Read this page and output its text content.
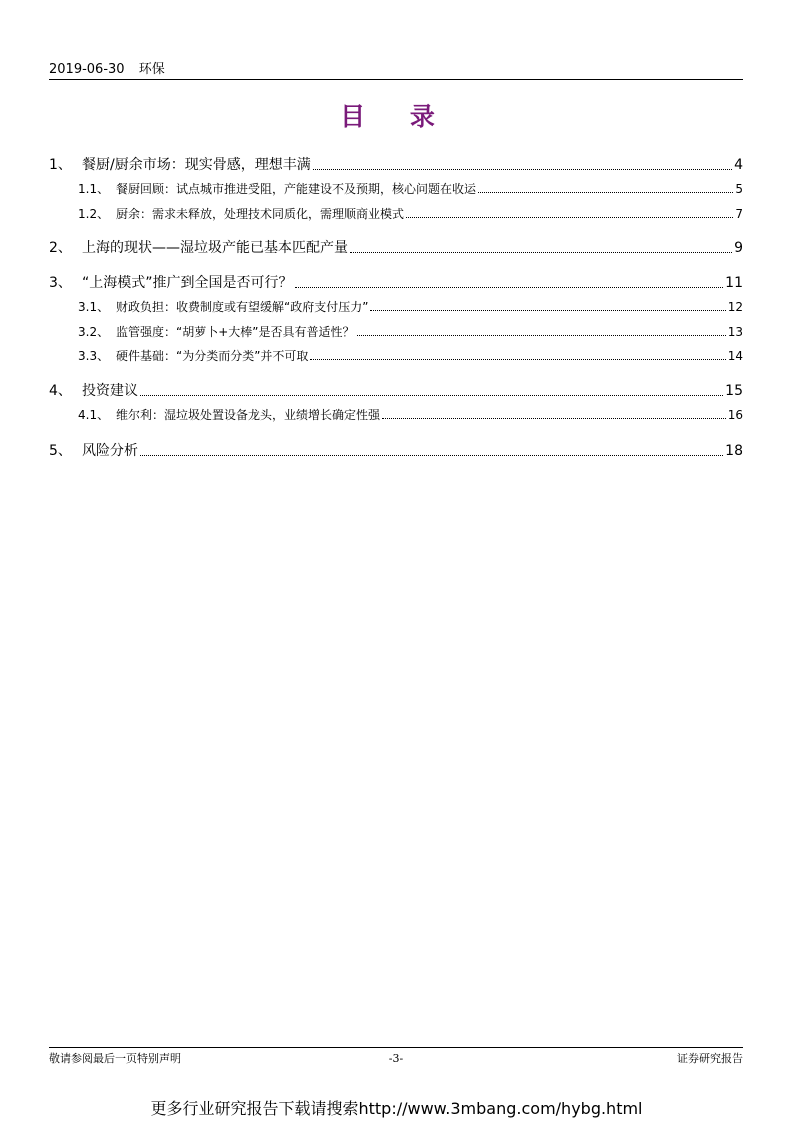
2019-06-30 环保
目 录
1、 餐厨/厨余市场：现实骨感，理想丰满	4
1.1、 餐厨回顾：试点城市推进受阻，产能建设不及预期，核心问题在收运	5
1.2、 厨余：需求未释放，处理技术同质化，需理顺商业模式	7
2、 上海的现状——湿垃圾产能已基本匹配产量	9
3、 “上海模式”推广到全国是否可行？	11
3.1、 财政负担：收费制度或有望缓解“政府支付压力”	12
3.2、 监管强度：“胡萝卜+大棒”是否具有普适性？	13
3.3、 硬件基础：“为分类而分类”并不可取	14
4、 投资建议	15
4.1、 维尔利：湿垃圾处置设备龙头，业绩增长确定性强	16
5、 风险分析	18
敬请参阅最后一页特别声明	-3-	证券研究报告
更多行业研究报告下载请搜索http://www.3mbang.com/hybg.html
